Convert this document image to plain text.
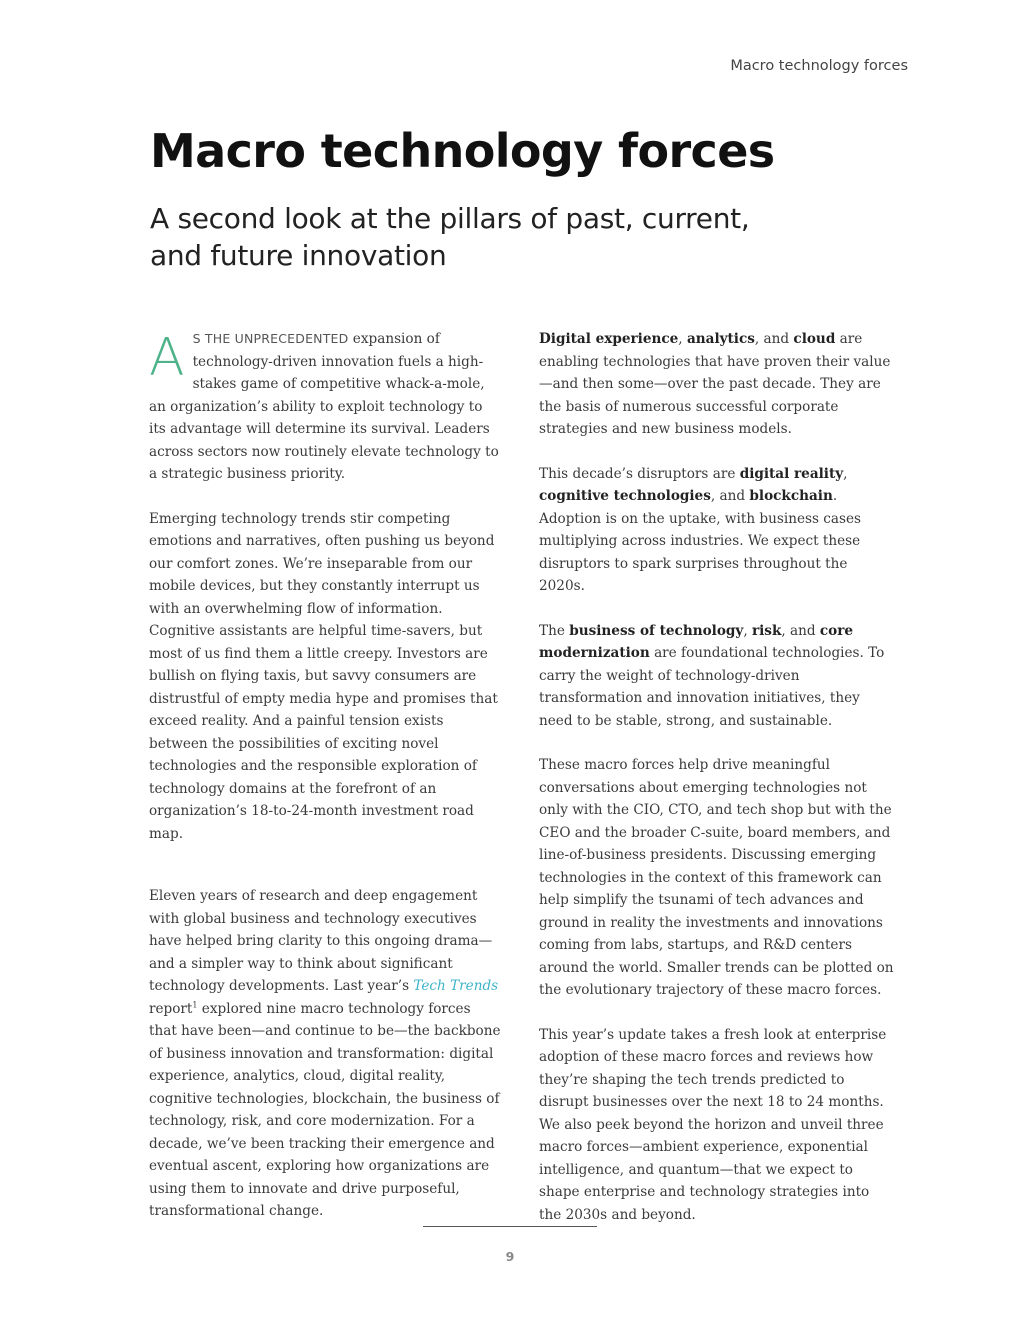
Macro technology forces
Macro technology forces
A second look at the pillars of past, current, and future innovation

A S THE UNPRECEDENTED expansion of technology-driven innovation fuels a high-stakes game of competitive whack-a-mole, an organization’s ability to exploit technology to its advantage will determine its survival. Leaders across sectors now routinely elevate technology to a strategic business priority.

Emerging technology trends stir competing emotions and narratives, often pushing us beyond our comfort zones. We’re inseparable from our mobile devices, but they constantly interrupt us with an overwhelming flow of information. Cognitive assistants are helpful time-savers, but most of us find them a little creepy. Investors are bullish on flying taxis, but savvy consumers are distrustful of empty media hype and promises that exceed reality. And a painful tension exists between the possibilities of exciting novel technologies and the responsible exploration of technology domains at the forefront of an organization’s 18-to-24-month investment road map.

Eleven years of research and deep engagement with global business and technology executives have helped bring clarity to this ongoing drama—and a simpler way to think about significant technology developments. Last year’s Tech Trends report$^1$ explored nine macro technology forces that have been—and continue to be—the backbone of business innovation and transformation: digital experience, analytics, cloud, digital reality, cognitive technologies, blockchain, the business of technology, risk, and core modernization. For a decade, we’ve been tracking their emergence and eventual ascent, exploring how organizations are using them to innovate and drive purposeful, transformational change.

Digital experience, analytics, and cloud are enabling technologies that have proven their value—and then some—over the past decade. They are the basis of numerous successful corporate strategies and new business models.

This decade’s disruptors are digital reality, cognitive technologies, and blockchain. Adoption is on the uptake, with business cases multiplying across industries. We expect these disruptors to spark surprises throughout the 2020s.

The business of technology, risk, and core modernization are foundational technologies. To carry the weight of technology-driven transformation and innovation initiatives, they need to be stable, strong, and sustainable.

These macro forces help drive meaningful conversations about emerging technologies not only with the CIO, CTO, and tech shop but with the CEO and the broader C-suite, board members, and line-of-business presidents. Discussing emerging technologies in the context of this framework can help simplify the tsunami of tech advances and ground in reality the investments and innovations coming from labs, startups, and R&D centers around the world. Smaller trends can be plotted on the evolutionary trajectory of these macro forces.

This year’s update takes a fresh look at enterprise adoption of these macro forces and reviews how they’re shaping the tech trends predicted to disrupt businesses over the next 18 to 24 months. We also peek beyond the horizon and unveil three macro forces—ambient experience, exponential intelligence, and quantum—that we expect to shape enterprise and technology strategies into the 2030s and beyond.

9
